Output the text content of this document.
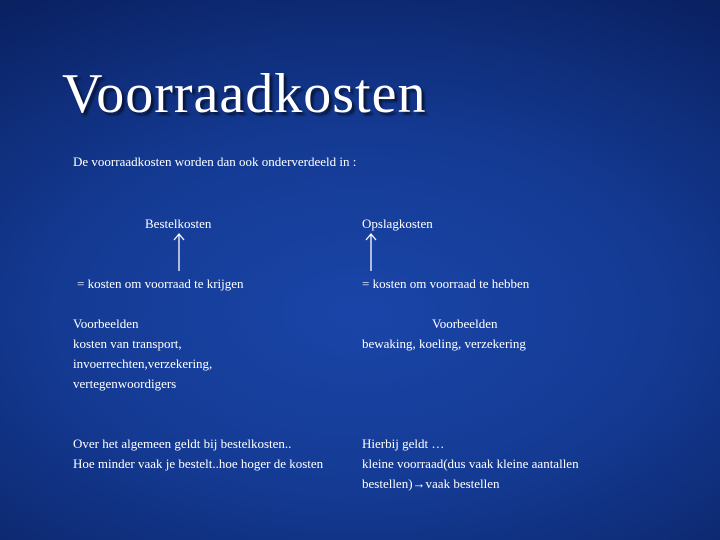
Voorraadkosten
De voorraadkosten worden dan ook onderverdeeld in :
Bestelkosten
= kosten om voorraad te krijgen
Voorbeelden
kosten van transport,
invoerrechten,verzekering,
vertegenwoordigers
Over het algemeen geldt bij bestelkosten..
Hoe minder vaak je bestelt..hoe hoger de kosten
Opslagkosten
= kosten om voorraad te hebben
Voorbeelden
bewaking, koeling, verzekering
Hierbij geldt …
kleine voorraad(dus vaak kleine aantallen
bestellen)→vaak bestellen
